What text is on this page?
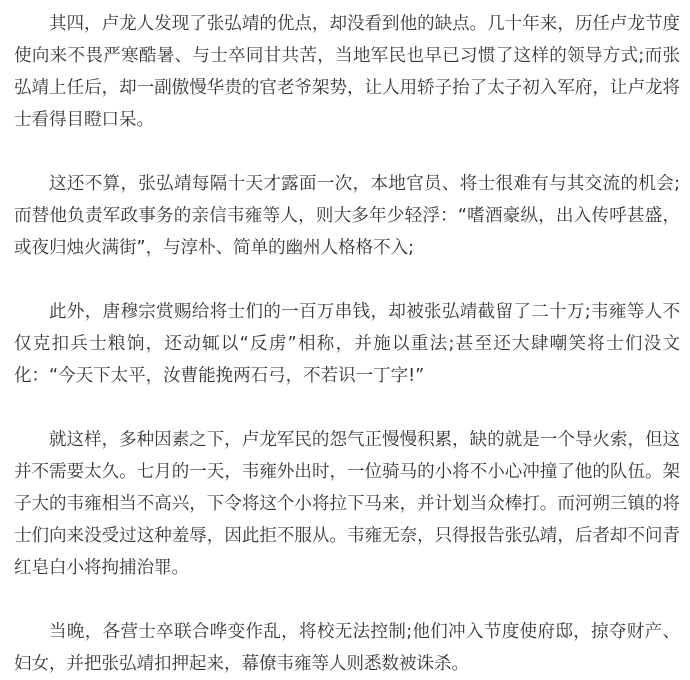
其四，卢龙人发现了张弘靖的优点，却没看到他的缺点。几十年来，历任卢龙节度使向来不畏严寒酷暑、与士卒同甘共苦，当地军民也早已习惯了这样的领导方式;而张弘靖上任后，却一副傲慢华贵的官老爷架势，让人用轿子抬了太子初入军府，让卢龙将士看得目瞪口呆。

这还不算，张弘靖每隔十天才露面一次，本地官员、将士很难有与其交流的机会;而替他负责军政事务的亲信韦雍等人，则大多年少轻浮：“嗜酒豪纵，出入传呼甚盛，或夜归烛火满街”，与淳朴、简单的幽州人格格不入;

此外，唐穆宗赏赐给将士们的一百万串钱，却被张弘靖截留了二十万;韦雍等人不仅克扣兵士粮饷，还动辄以“反虏”相称，并施以重法;甚至还大肆嘲笑将士们没文化：“今天下太平，汝曹能挽两石弓，不若识一丁字!”

就这样，多种因素之下，卢龙军民的怨气正慢慢积累，缺的就是一个导火索，但这并不需要太久。七月的一天，韦雍外出时，一位骑马的小将不小心冲撞了他的队伍。架子大的韦雍相当不高兴，下令将这个小将拉下马来，并计划当众棒打。而河朔三镇的将士们向来没受过这种羞辱，因此拒不服从。韦雍无奈，只得报告张弘靖，后者却不问青红皂白小将拘捕治罪。

当晚，各营士卒联合哗变作乱，将校无法控制;他们冲入节度使府邸，掠夺财产、妇女，并把张弘靖扣押起来，幕僚韦雍等人则悉数被诛杀。
